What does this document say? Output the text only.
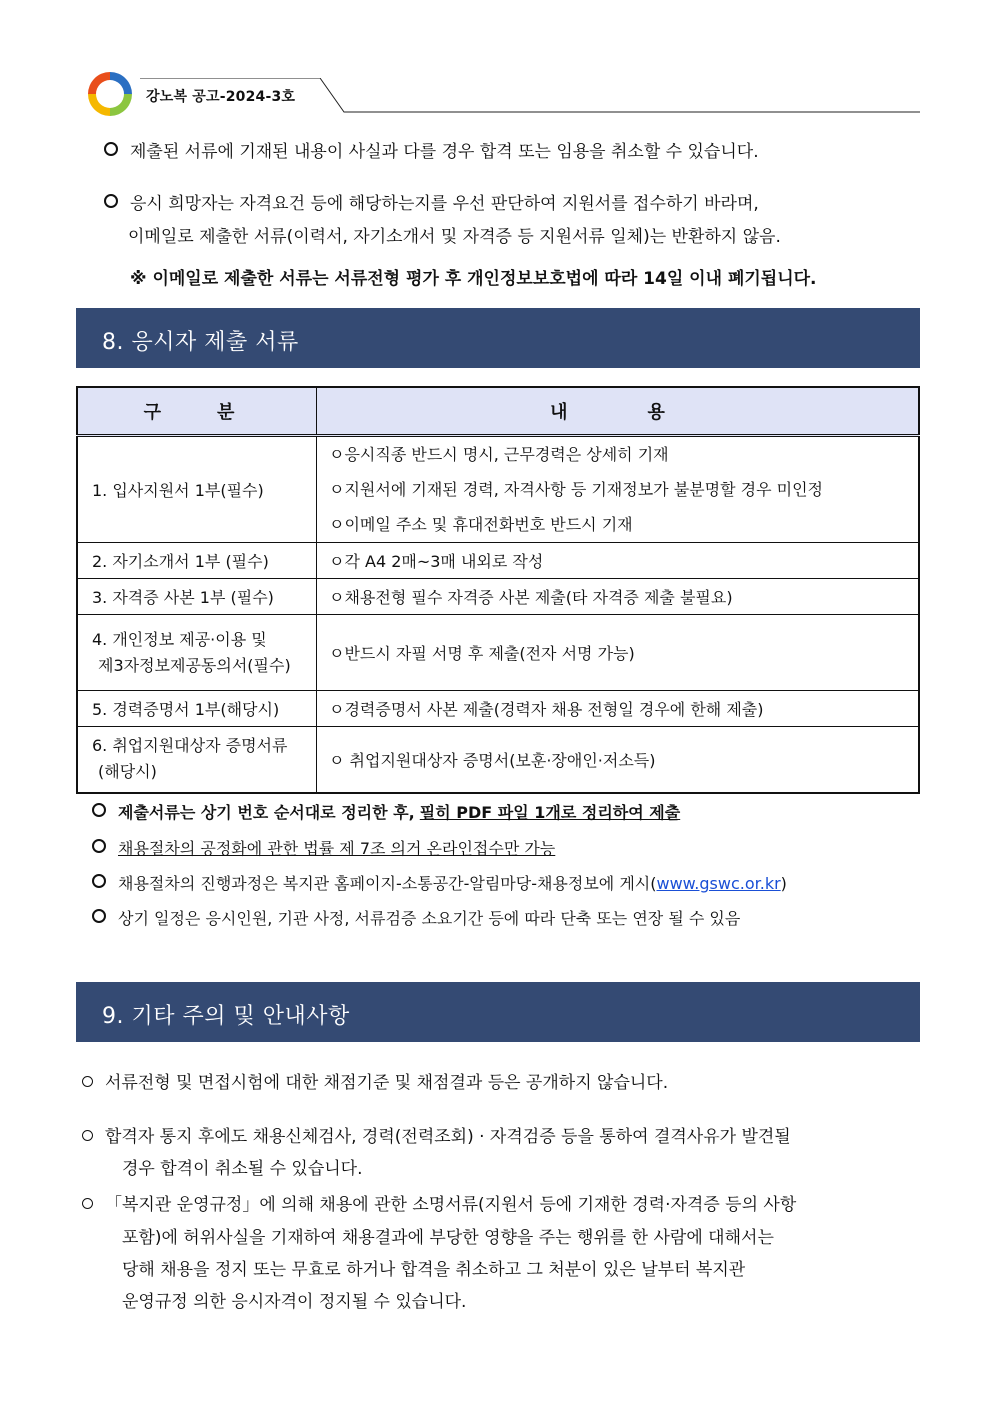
강노복 공고-2024-3호
제출된 서류에 기재된 내용이 사실과 다를 경우 합격 또는 임용을 취소할 수 있습니다.
응시 희망자는 자격요건 등에 해당하는지를 우선 판단하여 지원서를 접수하기 바라며,
이메일로 제출한 서류(이력서, 자기소개서 및 자격증 등 지원서류 일체)는 반환하지 않음.
※ 이메일로 제출한 서류는 서류전형 평가 후 개인정보보호법에 따라 14일 이내 폐기됩니다.
8. 응시자 제출 서류
구분	내용
1. 입사지원서 1부(필수)	ㅇ응시직종 반드시 명시, 근무경력은 상세히 기재
ㅇ지원서에 기재된 경력, 자격사항 등 기재정보가 불분명할 경우 미인정
ㅇ이메일 주소 및 휴대전화번호 반드시 기재

2. 자기소개서 1부 (필수)	ㅇ각 A4 2매~3매 내외로 작성
3. 자격증 사본 1부 (필수)	ㅇ채용전형 필수 자격증 사본 제출(타 자격증 제출 불필요)

4. 개인정보 제공·이용 및
제3자정보제공동의서(필수)	ㅇ반드시 자필 서명 후 제출(전자 서명 가능)
5. 경력증명서 1부(해당시)	ㅇ경력증명서 사본 제출(경력자 채용 전형일 경우에 한해 제출)

6. 취업지원대상자 증명서류
(해당시)	ㅇ 취업지원대상자 증명서(보훈·장애인·저소득)
제출서류는 상기 번호 순서대로 정리한 후, 필히 PDF 파일 1개로 정리하여 제출
채용절차의 공정화에 관한 법률 제 7조 의거 온라인접수만 가능
채용절차의 진행과정은 복지관 홈페이지-소통공간-알림마당-채용정보에 게시(www.gswc.or.kr)
상기 일정은 응시인원, 기관 사정, 서류검증 소요기간 등에 따라 단축 또는 연장 될 수 있음
9. 기타 주의 및 안내사항
서류전형 및 면접시험에 대한 채점기준 및 채점결과 등은 공개하지 않습니다.
합격자 통지 후에도 채용신체검사, 경력(전력조회) · 자격검증 등을 통하여 결격사유가 발견될
경우 합격이 취소될 수 있습니다.
「복지관 운영규정」에 의해 채용에 관한 소명서류(지원서 등에 기재한 경력·자격증 등의 사항
포함)에 허위사실을 기재하여 채용결과에 부당한 영향을 주는 행위를 한 사람에 대해서는
당해 채용을 정지 또는 무효로 하거나 합격을 취소하고 그 처분이 있은 날부터 복지관
운영규정 의한 응시자격이 정지될 수 있습니다.
